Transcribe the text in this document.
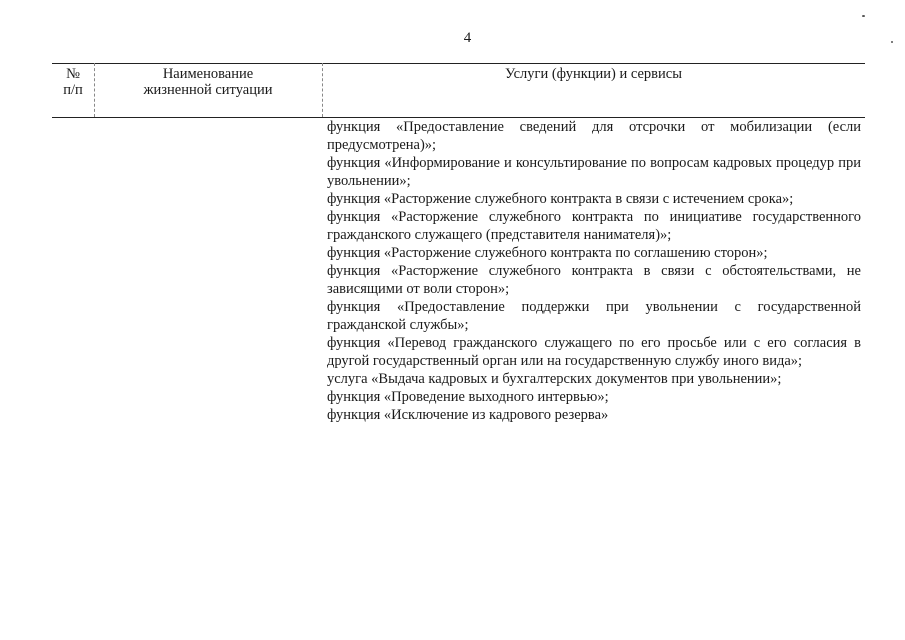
4
№
п/п
Наименование
жизненной ситуации
Услуги (функции) и сервисы

функция «Предоставление сведений для отсрочки от мобилизации (если предусмотрена)»;

функция «Информирование и консультирование по вопросам кадровых процедур при увольнении»;

функция «Расторжение служебного контракта в связи с истечением срока»;

функция «Расторжение служебного контракта по инициативе государственного гражданского служащего (представителя нанимателя)»;

функция «Расторжение служебного контракта по соглашению сторон»;

функция «Расторжение служебного контракта в связи с обстоятельствами, не зависящими от воли сторон»;

функция «Предоставление поддержки при увольнении с государственной гражданской службы»;

функция «Перевод гражданского служащего по его просьбе или с его согласия в другой государственный орган или на государственную службу иного вида»;

услуга «Выдача кадровых и бухгалтерских документов при увольнении»;

функция «Проведение выходного интервью»;

функция «Исключение из кадрового резерва»
